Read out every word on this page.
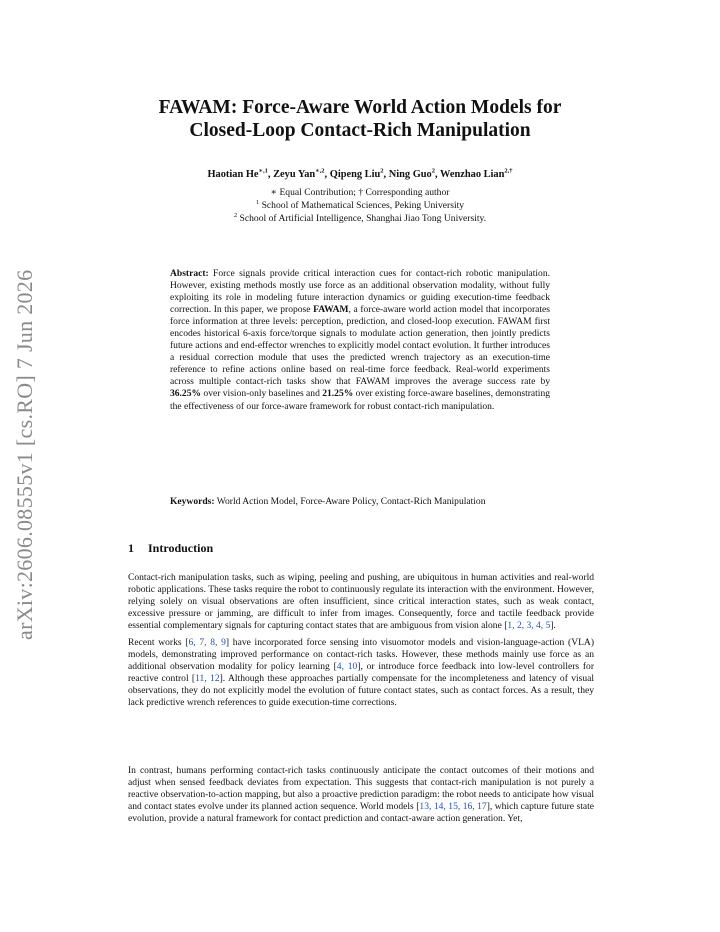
arXiv:2606.08555v1 [cs.RO] 7 Jun 2026
FAWAM: Force-Aware World Action Models for
Closed-Loop Contact-Rich Manipulation
Haotian $He^{∗,1}$, Zeyu Yan$^{∗,2}$, Qipeng Liu$^2$, Ning Guo$^2$, Wenzhao Lian$^{2,\dagger}$
∗ Equal Contribution; † Corresponding author
$^1$ School of Mathematical Sciences, Peking University
$^2$ School of Artificial Intelligence, Shanghai Jiao Tong University.
Abstract: Force signals provide critical interaction cues for contact-rich robotic manipulation. However, existing methods mostly use force as an additional observation modality, without fully exploiting its role in modeling future interaction dynamics or guiding execution-time feedback correction. In this paper, we propose FAWAM, a force-aware world action model that incorporates force information at three levels: perception, prediction, and closed-loop execution. FAWAM first encodes historical 6-axis force/torque signals to modulate action generation, then jointly predicts future actions and end-effector wrenches to explicitly model contact evolution. It further introduces a residual correction module that uses the predicted wrench trajectory as an execution-time reference to refine actions online based on real-time force feedback. Real-world experiments across multiple contact-rich tasks show that FAWAM improves the average success rate by 36.25% over vision-only baselines and 21.25% over existing force-aware baselines, demonstrating the effectiveness of our force-aware framework for robust contact-rich manipulation.
Keywords: World Action Model, Force-Aware Policy, Contact-Rich Manipulation
1 Introduction
Contact-rich manipulation tasks, such as wiping, peeling and pushing, are ubiquitous in human activities and real-world robotic applications. These tasks require the robot to continuously regulate its interaction with the environment. However, relying solely on visual observations are often insufficient, since critical interaction states, such as weak contact, excessive pressure or jamming, are difficult to infer from images. Consequently, force and tactile feedback provide essential complementary signals for capturing contact states that are ambiguous from vision alone [1, 2, 3, 4, 5].
Recent works [6, 7, 8, 9] have incorporated force sensing into visuomotor models and vision-language-action (VLA) models, demonstrating improved performance on contact-rich tasks. However, these methods mainly use force as an additional observation modality for policy learning [4, 10], or introduce force feedback into low-level controllers for reactive control [11, 12]. Although these approaches partially compensate for the incompleteness and latency of visual observations, they do not explicitly model the evolution of future contact states, such as contact forces. As a result, they lack predictive wrench references to guide execution-time corrections.
In contrast, humans performing contact-rich tasks continuously anticipate the contact outcomes of their motions and adjust when sensed feedback deviates from expectation. This suggests that contact-rich manipulation is not purely a reactive observation-to-action mapping, but also a proactive prediction paradigm: the robot needs to anticipate how visual and contact states evolve under its planned action sequence. World models [13, 14, 15, 16, 17], which capture future state evolution, provide a natural framework for contact prediction and contact-aware action generation. Yet,
